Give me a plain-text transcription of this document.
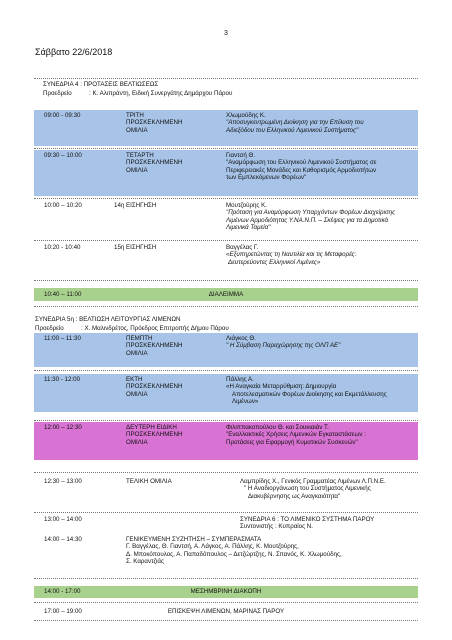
3
Σάββατο 22/6/2018
ΣΥΝΕΔΡΙΑ 4 : ΠΡΟΤΑΣΕΙΣ ΒΕΛΤΙΩΣΕΩΣ
Προεδρείο	: Κ. Αλιπράντη, Ειδική Συνεργάτης Δημάρχου Πάρου
09:00 - 09:30	ΤΡΙΤΗ
ΠΡΟΣΚΕΚΛΗΜΕΝΗ
ΟΜΙΛΙΑ
Χλωμούδης Κ.
"Αποσυγκεντρωμένη Διοίκηση για την Επίλυση του
Αδιεξόδου του Ελληνικού Λιμενικού Συστήματος"
09:30 – 10:00	ΤΕΤΑΡΤΗ
ΠΡΟΣΚΕΚΛΗΜΕΝΗ
ΟΜΙΛΙΑ
Γιαντσή Θ.
"Αναμόρφωση του Ελληνικού Λιμενικού Συστήματος σε
Περιφερειακές Μονάδες και Καθορισμός Αρμοδιοτήτων
των Εμπλεκόμενων Φορέων"
10:00 – 10:20	14η ΕΙΣΗΓΗΣΗ	Μουτζούρης Κ.
"Πρόταση για Αναμόρφωση Υπαρχόντων Φορέων Διαχείρισης
Λιμένων Αρμοδιότητας Υ.ΝΑ.Ν.Π. – Σκέψεις για τα Δημοτικά
Λιμενικά Ταμεία"
10:20 - 10:40	15η ΕΙΣΗΓΗΣΗ	Βαγγέλας Γ.
«Εξυπηρετώντας τη Ναυτιλία και τις Μεταφορές:
Δευτερεύοντες Ελληνικοί Λιμένες»
10:40 – 11:00	ΔΙΑΛΕΙΜΜΑ
ΣΥΝΕΔΡΙΑ 5η : ΒΕΛΤΙΩΣΗ ΛΕΙΤΟΥΡΓΙΑΣ ΛΙΜΕΝΩΝ
Προεδρείο	: Χ. Μαλινδρέτος, Πρόεδρος Επιτροπής Δήμου Πάρου
11:00 – 11:30	ΠΕΜΠΤΗ
ΠΡΟΣΚΕΚΛΗΜΕΝΗ
ΟΜΙΛΙΑ
Λιάγκος Θ.
" Η Σύμβαση Παραχώρησης της ΟΛΠ ΑΕ"
11:30 - 12:00	ΕΚΤΗ
ΠΡΟΣΚΕΚΛΗΜΕΝΗ
ΟΜΙΛΙΑ
Πάλλης Α.
«Η Αναγκαία Μεταρρύθμιση: Δημιουργία
Αποτελεσματικών Φορέων Διοίκησης και Εκμετάλλευσης
Λιμένων»
12:00 – 12:30	ΔΕΥΤΕΡΗ ΕΙΔΙΚΗ
ΠΡΟΣΚΕΚΛΗΜΕΝΗ
ΟΜΙΛΙΑ
Φιλιππακοπούλου Θ. και Σουκιαιάν Τ.
"Εναλλακτικές Χρήσεις Λιμενικών Εγκαταστάσεων :
Προτάσεις για Εφαρμογή Κυματικών Συσκευών"
12:30 – 13:00	ΤΕΛΙΚΗ ΟΜΙΛΙΑ	Λαμπρίδης Χ., Γενικός Γραμματέας Λιμένων Λ.Π.Ν.Ε.
" Η Αναδιοργάνωση του Συστήματος Λιμενικής
Διακυβέρνησης ως Αναγκαιότητα"
13:00 – 14:00	ΣΥΝΕΔΡΙΑ 6 : ΤΟ ΛΙΜΕΝΙΚΟ ΣΥΣΤΗΜΑ ΠΑΡΟΥ
Συντονιστής : Κυπραίος Ν.
14:00 – 14:30	ΓΕΝΙΚΕΥΜΕΝΗ ΣΥΖΗΤΗΣΗ – ΣΥΜΠΕΡΑΣΜΑΤΑ
Γ. Βαγγέλας, Θ. Γιαντσή, Α. Λάγκος, Α. Πάλλης, Κ. Μουτζούρης,
Δ. Μποκόπουλος, Α. Παπαδόπουλος – Δετζώρτζης, Ν. Σπανός, Κ. Χλωμούδης,
Σ. Καραντζιάς
14:00 - 17:00	ΜΕΣΗΜΒΡΙΝΗ ΔΙΑΚΟΠΗ
17:00 – 19:00	ΕΠΙΣΚΕΨΗ ΛΙΜΕΝΩΝ, ΜΑΡΙΝΑΣ ΠΑΡΟΥ
